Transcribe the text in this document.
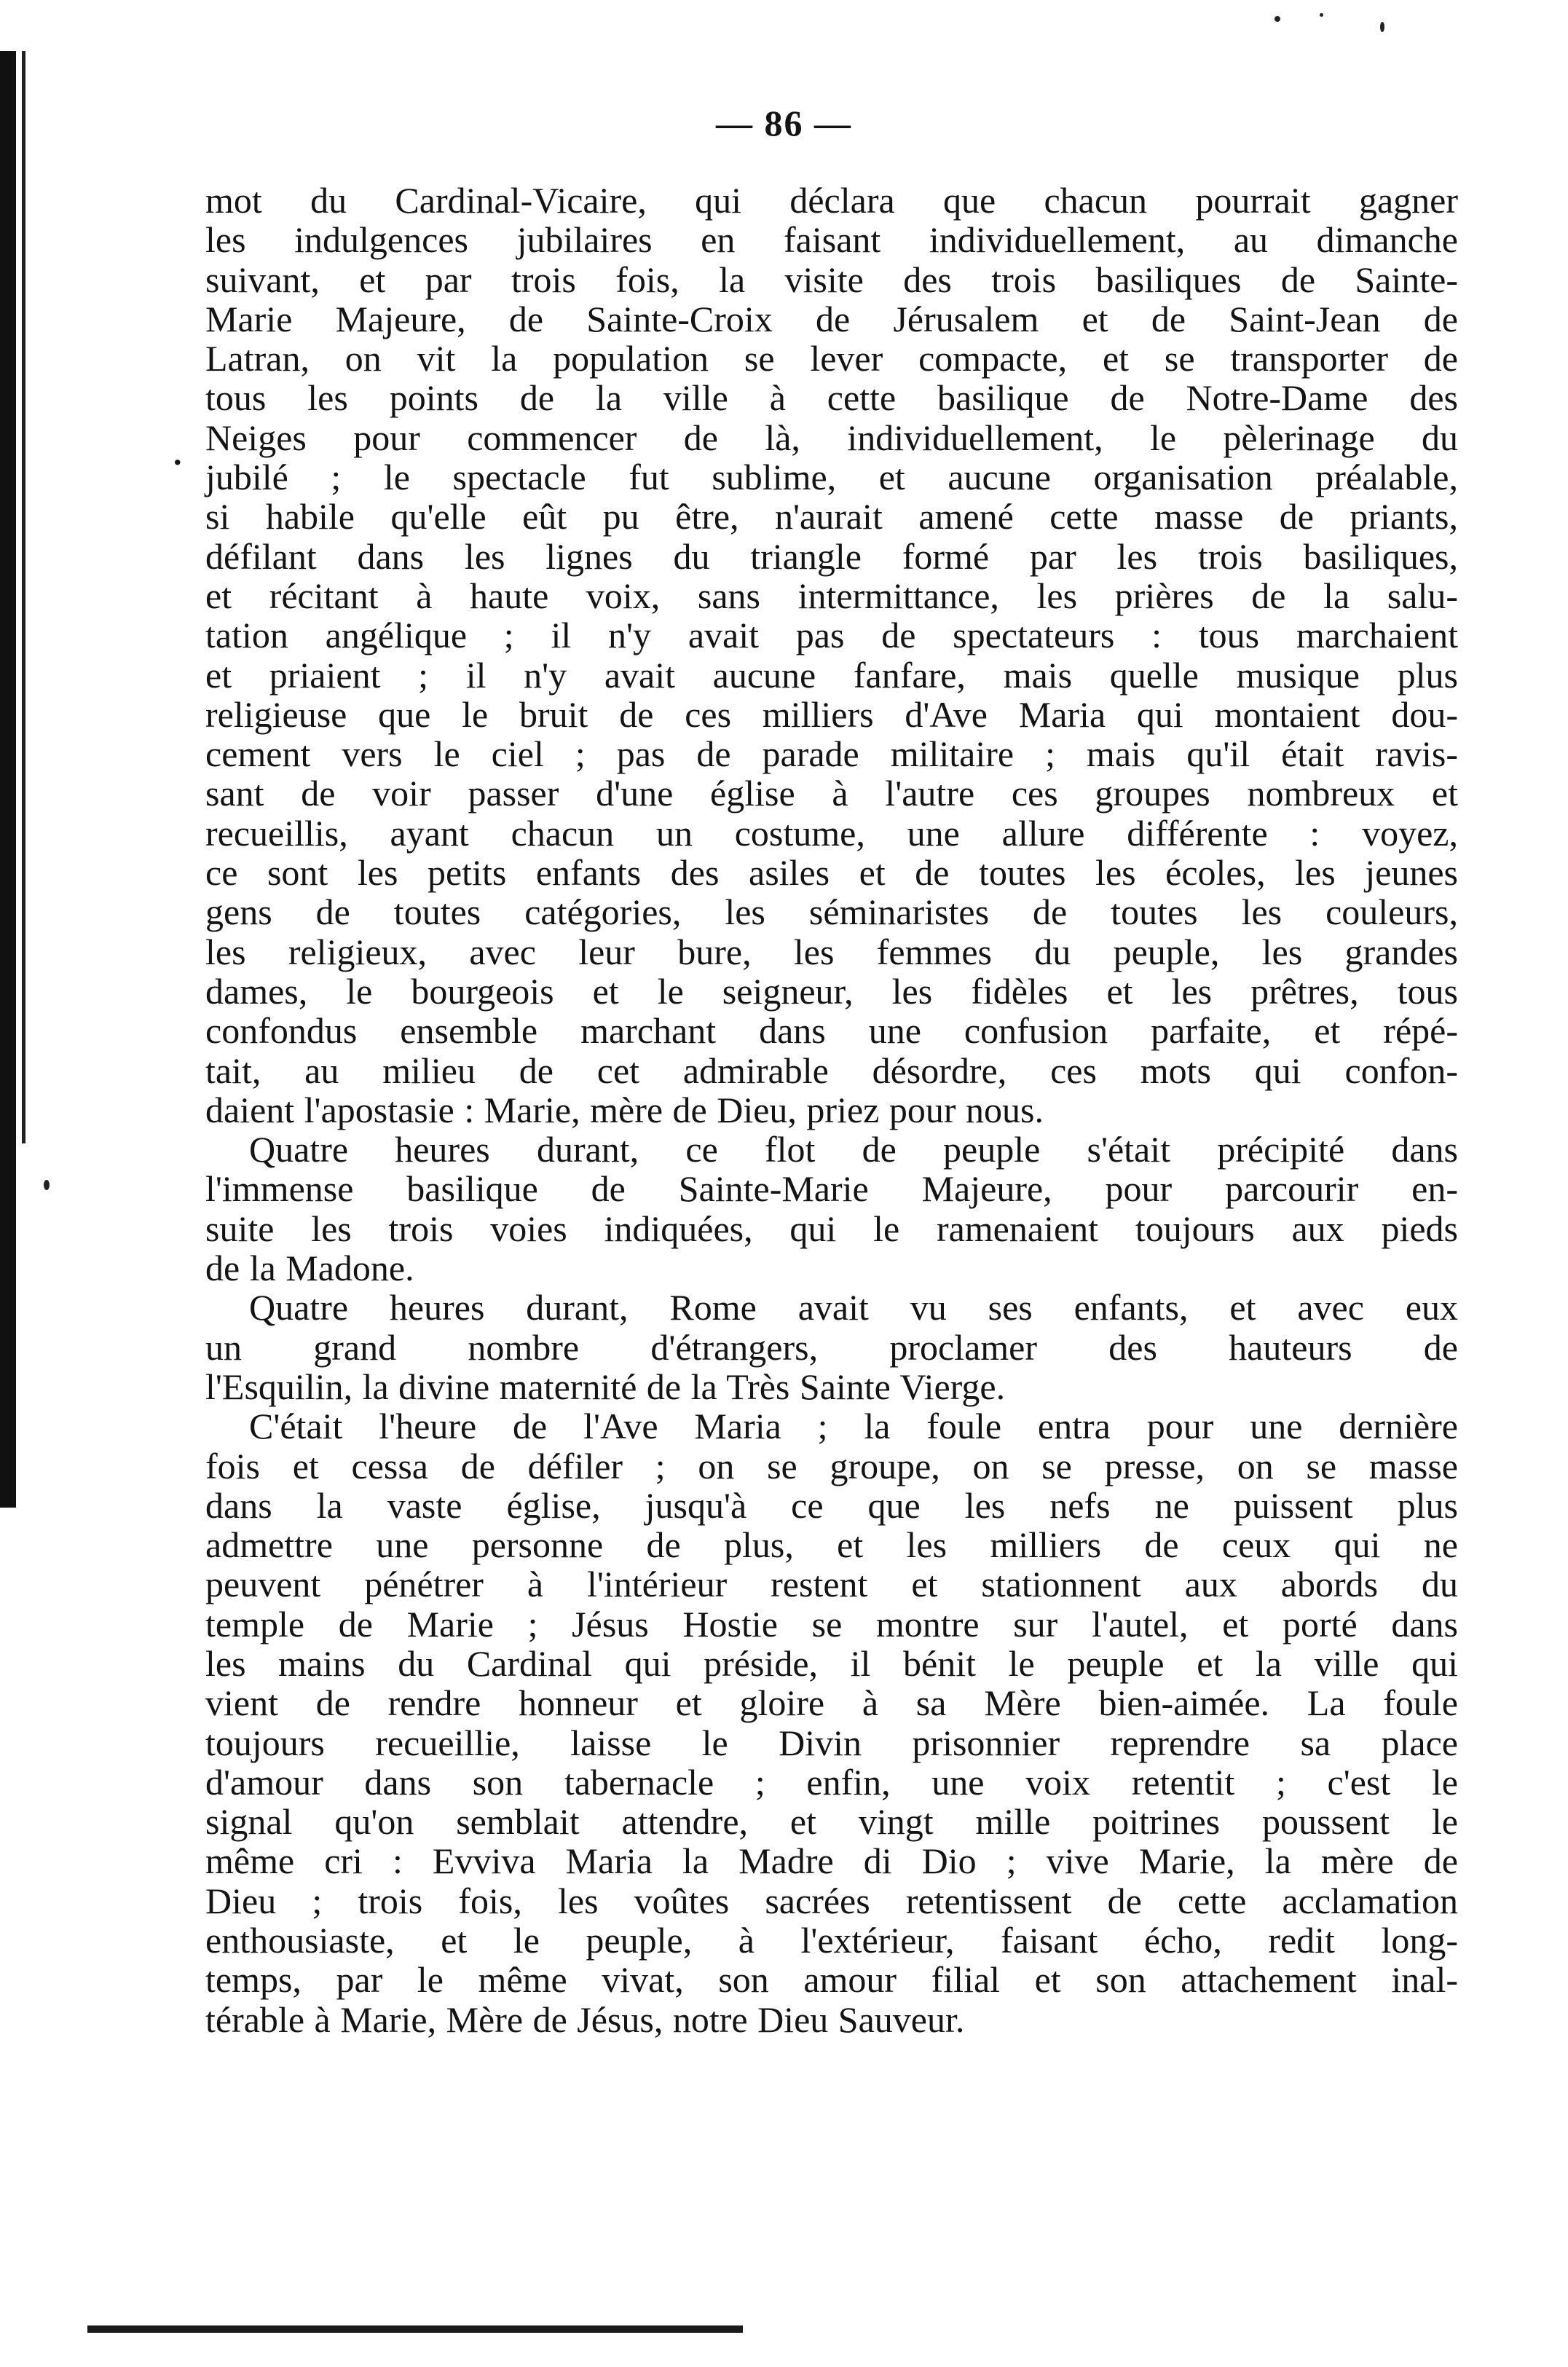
— 86 —
.
mot du Cardinal-Vicaire, qui déclara que chacun pourrait gagner
les indulgences jubilaires en faisant individuellement, au dimanche
suivant, et par trois fois, la visite des trois basiliques de Sainte-
Marie Majeure, de Sainte-Croix de Jérusalem et de Saint-Jean de
Latran, on vit la population se lever compacte, et se transporter de
tous les points de la ville à cette basilique de Notre-Dame des
Neiges pour commencer de là, individuellement, le pèlerinage du
jubilé ; le spectacle fut sublime, et aucune organisation préalable,
si habile qu'elle eût pu être, n'aurait amené cette masse de priants,
défilant dans les lignes du triangle formé par les trois basiliques,
et récitant à haute voix, sans intermittance, les prières de la salu-
tation angélique ; il n'y avait pas de spectateurs : tous marchaient
et priaient ; il n'y avait aucune fanfare, mais quelle musique plus
religieuse que le bruit de ces milliers d'Ave Maria qui montaient dou-
cement vers le ciel ; pas de parade militaire ; mais qu'il était ravis-
sant de voir passer d'une église à l'autre ces groupes nombreux et
recueillis, ayant chacun un costume, une allure différente : voyez,
ce sont les petits enfants des asiles et de toutes les écoles, les jeunes
gens de toutes catégories, les séminaristes de toutes les couleurs,
les religieux, avec leur bure, les femmes du peuple, les grandes
dames, le bourgeois et le seigneur, les fidèles et les prêtres, tous
confondus ensemble marchant dans une confusion parfaite, et répé-
tait, au milieu de cet admirable désordre, ces mots qui confon-
daient l'apostasie : Marie, mère de Dieu, priez pour nous.
Quatre heures durant, ce flot de peuple s'était précipité dans
l'immense basilique de Sainte-Marie Majeure, pour parcourir en-
suite les trois voies indiquées, qui le ramenaient toujours aux pieds
de la Madone.
Quatre heures durant, Rome avait vu ses enfants, et avec eux
un grand nombre d'étrangers, proclamer des hauteurs de
l'Esquilin, la divine maternité de la Très Sainte Vierge.
C'était l'heure de l'Ave Maria ; la foule entra pour une dernière
fois et cessa de défiler ; on se groupe, on se presse, on se masse
dans la vaste église, jusqu'à ce que les nefs ne puissent plus
admettre une personne de plus, et les milliers de ceux qui ne
peuvent pénétrer à l'intérieur restent et stationnent aux abords du
temple de Marie ; Jésus Hostie se montre sur l'autel, et porté dans
les mains du Cardinal qui préside, il bénit le peuple et la ville qui
vient de rendre honneur et gloire à sa Mère bien-aimée. La foule
toujours recueillie, laisse le Divin prisonnier reprendre sa place
d'amour dans son tabernacle ; enfin, une voix retentit ; c'est le
signal qu'on semblait attendre, et vingt mille poitrines poussent le
même cri : Evviva Maria la Madre di Dio ; vive Marie, la mère de
Dieu ; trois fois, les voûtes sacrées retentissent de cette acclamation
enthousiaste, et le peuple, à l'extérieur, faisant écho, redit long-
temps, par le même vivat, son amour filial et son attachement inal-
térable à Marie, Mère de Jésus, notre Dieu Sauveur.
